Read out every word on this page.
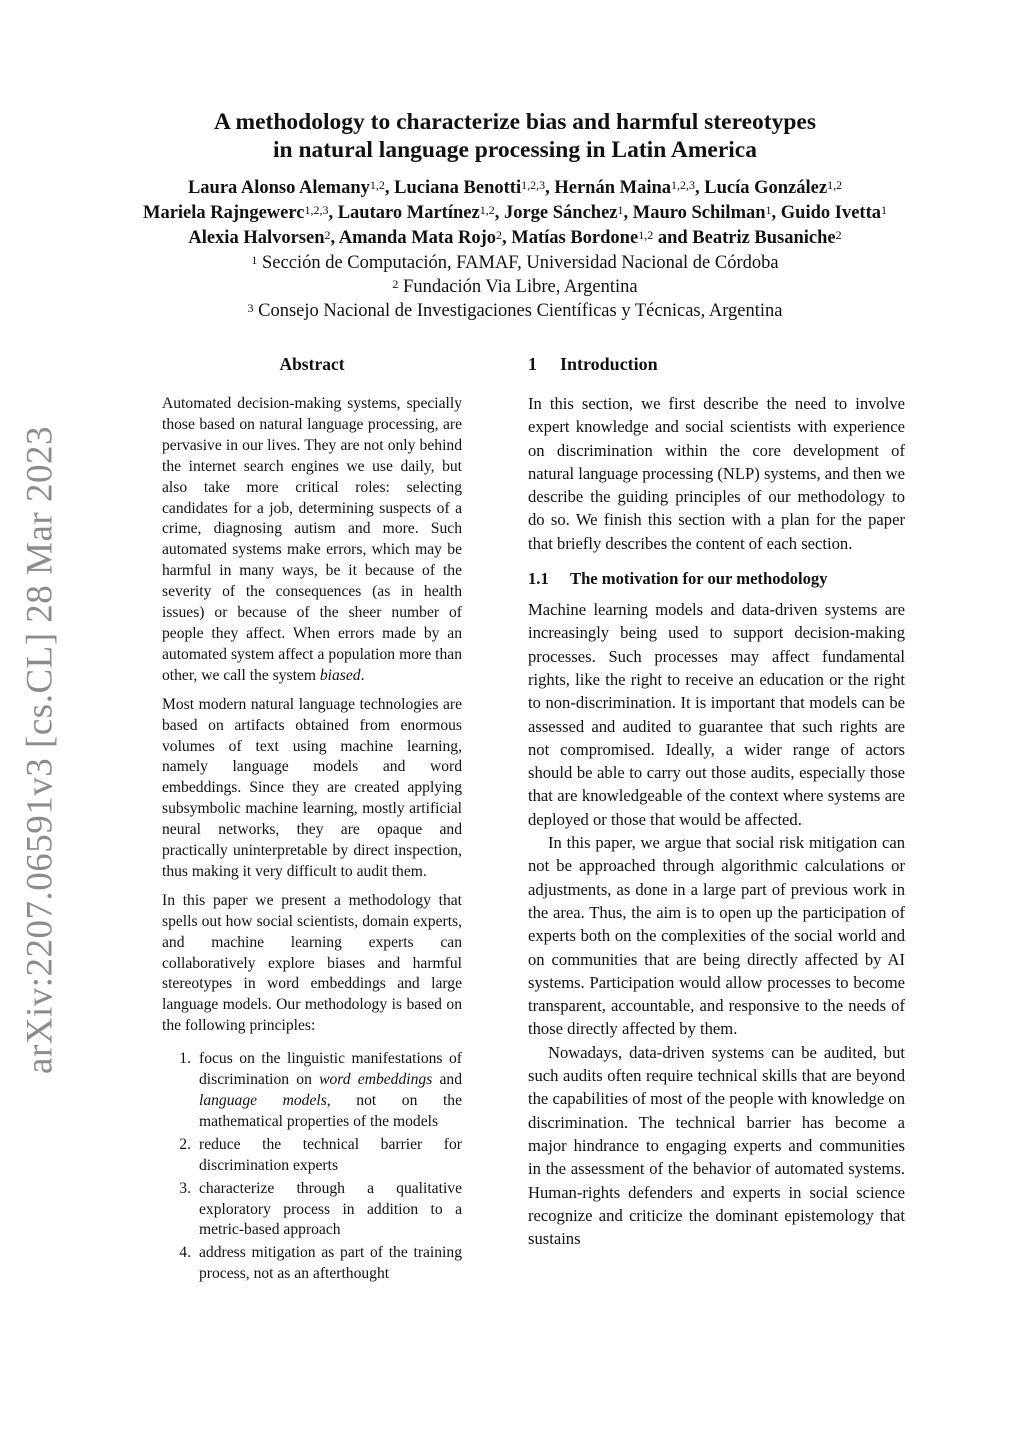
arXiv:2207.06591v3 [cs.CL] 28 Mar 2023
A methodology to characterize bias and harmful stereotypes
in natural language processing in Latin America
Laura Alonso Alemany$^{1,2}$, Luciana Benotti$^{1,2,3}$, Hernán Maina$^{1,2,3}$, Lucía González$^{1,2}$
Mariela Rajngewerc$^{1,2,3}$, Lautaro Martínez$^{1,2}$, Jorge Sánchez$^1$, Mauro Schilman$^1$, Guido Ivetta$^1$
Alexia Halvorsen$^2$, Amanda Mata Rojo$^2$, Matías Bordone$^{1,2}$ and Beatriz Busaniche$^2$
$^1$ Sección de Computación, FAMAF, Universidad Nacional de Córdoba
$^2$ Fundación Via Libre, Argentina
$^3$ Consejo Nacional de Investigaciones Científicas y Técnicas, Argentina
Abstract

Automated decision-making systems, specially those based on natural language processing, are pervasive in our lives. They are not only behind the internet search engines we use daily, but also take more critical roles: selecting candidates for a job, determining suspects of a crime, diagnosing autism and more. Such automated systems make errors, which may be harmful in many ways, be it because of the severity of the consequences (as in health issues) or because of the sheer number of people they affect. When errors made by an automated system affect a population more than other, we call the system biased.

Most modern natural language technologies are based on artifacts obtained from enormous volumes of text using machine learning, namely language models and word embeddings. Since they are created applying subsymbolic machine learning, mostly artificial neural networks, they are opaque and practically uninterpretable by direct inspection, thus making it very difficult to audit them.

In this paper we present a methodology that spells out how social scientists, domain experts, and machine learning experts can collaboratively explore biases and harmful stereotypes in word embeddings and large language models. Our methodology is based on the following principles:

1. focus on the linguistic manifestations of discrimination on word embeddings and language models, not on the mathematical properties of the models
2. reduce the technical barrier for discrimination experts
3. characterize through a qualitative exploratory process in addition to a metric-based approach
4. address mitigation as part of the training process, not as an afterthought
1 Introduction

In this section, we first describe the need to involve expert knowledge and social scientists with experience on discrimination within the core development of natural language processing (NLP) systems, and then we describe the guiding principles of our methodology to do so. We finish this section with a plan for the paper that briefly describes the content of each section.

1.1 The motivation for our methodology

Machine learning models and data-driven systems are increasingly being used to support decision-making processes. Such processes may affect fundamental rights, like the right to receive an education or the right to non-discrimination. It is important that models can be assessed and audited to guarantee that such rights are not compromised. Ideally, a wider range of actors should be able to carry out those audits, especially those that are knowledgeable of the context where systems are deployed or those that would be affected.

In this paper, we argue that social risk mitigation can not be approached through algorithmic calculations or adjustments, as done in a large part of previous work in the area. Thus, the aim is to open up the participation of experts both on the complexities of the social world and on communities that are being directly affected by AI systems. Participation would allow processes to become transparent, accountable, and responsive to the needs of those directly affected by them.

Nowadays, data-driven systems can be audited, but such audits often require technical skills that are beyond the capabilities of most of the people with knowledge on discrimination. The technical barrier has become a major hindrance to engaging experts and communities in the assessment of the behavior of automated systems. Human-rights defenders and experts in social science recognize and criticize the dominant epistemology that sustains
